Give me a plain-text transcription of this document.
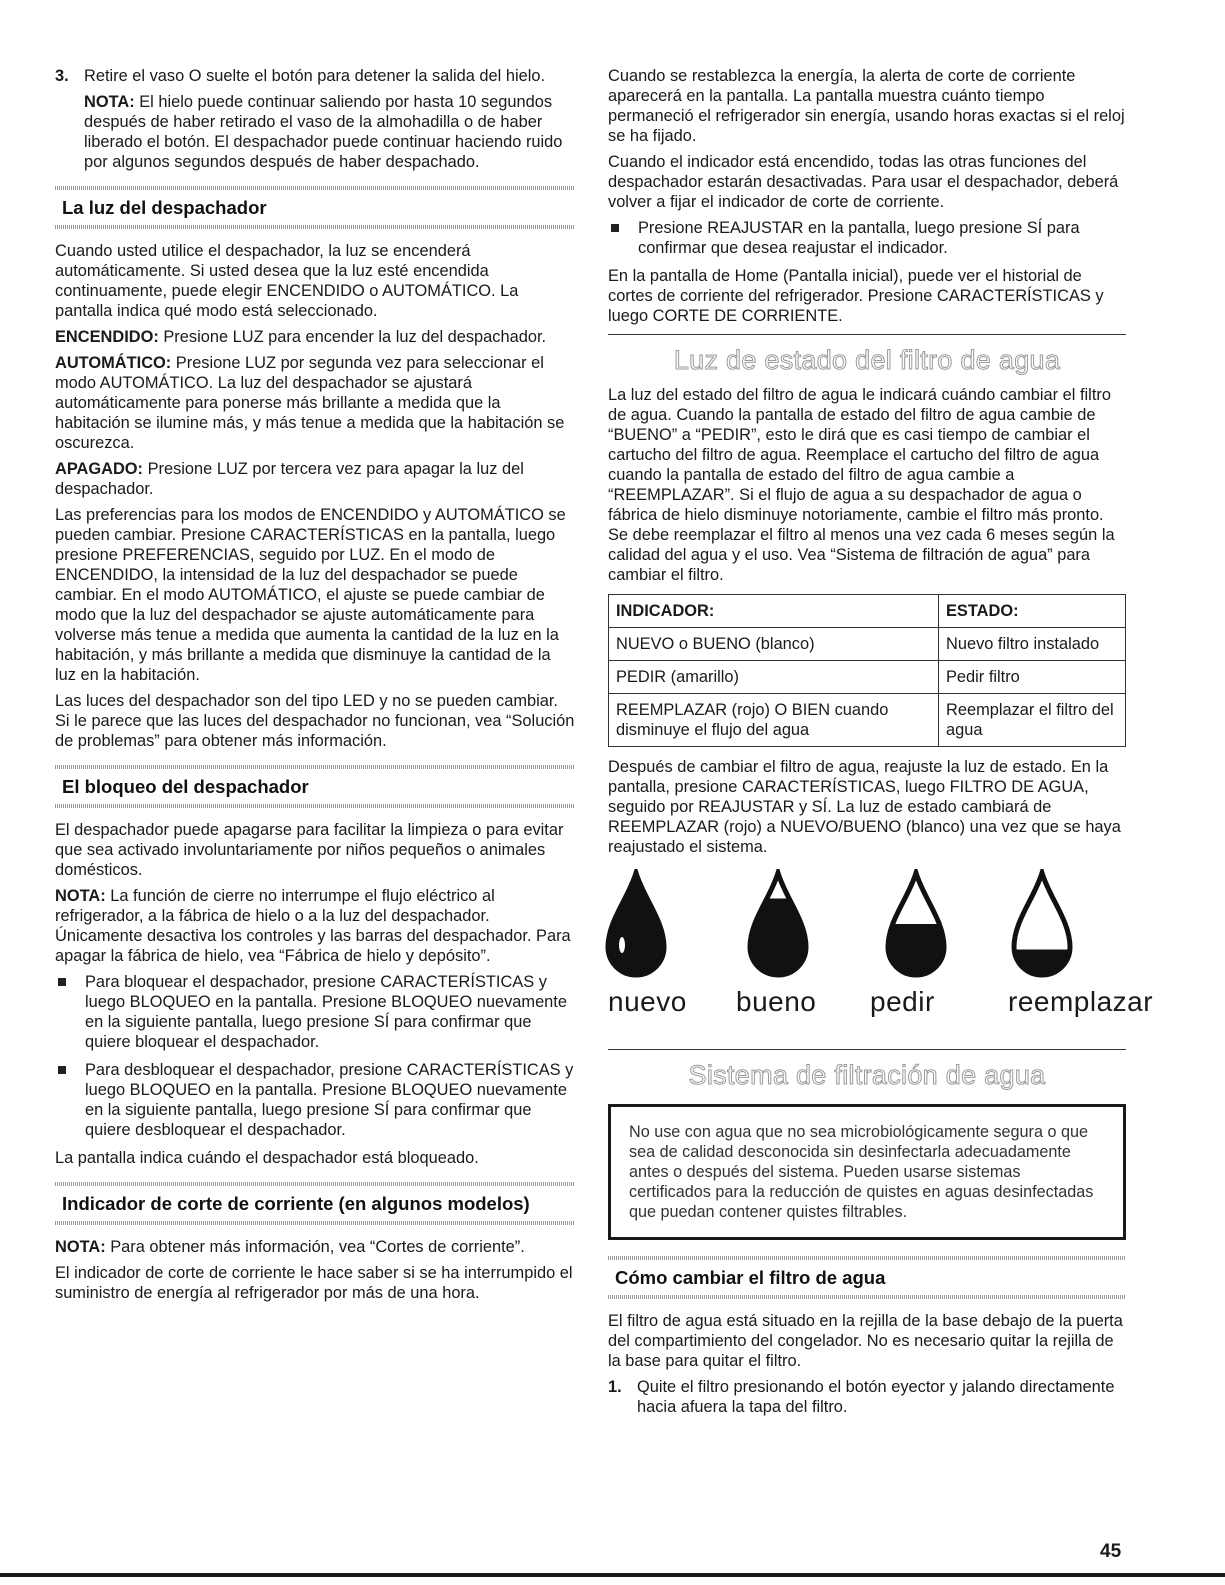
3. Retire el vaso O suelte el botón para detener la salida del hielo.
NOTA: El hielo puede continuar saliendo por hasta 10 segundos después de haber retirado el vaso de la almohadilla o de haber liberado el botón. El despachador puede continuar haciendo ruido por algunos segundos después de haber despachado.
La luz del despachador

Cuando usted utilice el despachador, la luz se encenderá automáticamente. Si usted desea que la luz esté encendida continuamente, puede elegir ENCENDIDO o AUTOMÁTICO. La pantalla indica qué modo está seleccionado.

ENCENDIDO: Presione LUZ para encender la luz del despachador.

AUTOMÁTICO: Presione LUZ por segunda vez para seleccionar el modo AUTOMÁTICO. La luz del despachador se ajustará automáticamente para ponerse más brillante a medida que la habitación se ilumine más, y más tenue a medida que la habitación se oscurezca.

APAGADO: Presione LUZ por tercera vez para apagar la luz del despachador.

Las preferencias para los modos de ENCENDIDO y AUTOMÁTICO se pueden cambiar. Presione CARACTERÍSTICAS en la pantalla, luego presione PREFERENCIAS, seguido por LUZ. En el modo de ENCENDIDO, la intensidad de la luz del despachador se puede cambiar. En el modo AUTOMÁTICO, el ajuste se puede cambiar de modo que la luz del despachador se ajuste automáticamente para volverse más tenue a medida que aumenta la cantidad de la luz en la habitación, y más brillante a medida que disminuye la cantidad de la luz en la habitación.

Las luces del despachador son del tipo LED y no se pueden cambiar. Si le parece que las luces del despachador no funcionan, vea “Solución de problemas” para obtener más información.

El bloqueo del despachador

El despachador puede apagarse para facilitar la limpieza o para evitar que sea activado involuntariamente por niños pequeños o animales domésticos.

NOTA: La función de cierre no interrumpe el flujo eléctrico al refrigerador, a la fábrica de hielo o a la luz del despachador. Únicamente desactiva los controles y las barras del despachador. Para apagar la fábrica de hielo, vea “Fábrica de hielo y depósito”.

Para bloquear el despachador, presione CARACTERÍSTICAS y luego BLOQUEO en la pantalla. Presione BLOQUEO nuevamente en la siguiente pantalla, luego presione SÍ para confirmar que quiere bloquear el despachador.
Para desbloquear el despachador, presione CARACTERÍSTICAS y luego BLOQUEO en la pantalla. Presione BLOQUEO nuevamente en la siguiente pantalla, luego presione SÍ para confirmar que quiere desbloquear el despachador.

La pantalla indica cuándo el despachador está bloqueado.

Indicador de corte de corriente (en algunos modelos)

NOTA: Para obtener más información, vea “Cortes de corriente”.

El indicador de corte de corriente le hace saber si se ha interrumpido el suministro de energía al refrigerador por más de una hora.

Cuando se restablezca la energía, la alerta de corte de corriente aparecerá en la pantalla. La pantalla muestra cuánto tiempo permaneció el refrigerador sin energía, usando horas exactas si el reloj se ha fijado.

Cuando el indicador está encendido, todas las otras funciones del despachador estarán desactivadas. Para usar el despachador, deberá volver a fijar el indicador de corte de corriente.

Presione REAJUSTAR en la pantalla, luego presione SÍ para confirmar que desea reajustar el indicador.

En la pantalla de Home (Pantalla inicial), puede ver el historial de cortes de corriente del refrigerador. Presione CARACTERÍSTICAS y luego CORTE DE CORRIENTE.

Luz de estado del filtro de agua

La luz del estado del filtro de agua le indicará cuándo cambiar el filtro de agua. Cuando la pantalla de estado del filtro de agua cambie de “BUENO” a “PEDIR”, esto le dirá que es casi tiempo de cambiar el cartucho del filtro de agua. Reemplace el cartucho del filtro de agua cuando la pantalla de estado del filtro de agua cambie a “REEMPLAZAR”. Si el flujo de agua a su despachador de agua o fábrica de hielo disminuye notoriamente, cambie el filtro más pronto. Se debe reemplazar el filtro al menos una vez cada 6 meses según la calidad del agua y el uso. Vea “Sistema de filtración de agua” para cambiar el filtro.

INDICADOR:	ESTADO:
NUEVO o BUENO (blanco)	Nuevo filtro instalado
PEDIR (amarillo)	Pedir filtro
REEMPLAZAR (rojo) O BIEN cuando disminuye el flujo del agua	Reemplazar el filtro del agua

Después de cambiar el filtro de agua, reajuste la luz de estado. En la pantalla, presione CARACTERÍSTICAS, luego FILTRO DE AGUA, seguido por REAJUSTAR y SÍ. La luz de estado cambiará de REEMPLAZAR (rojo) a NUEVO/BUENO (blanco) una vez que se haya reajustado el sistema.

nuevo bueno pedir	reemplazar
Sistema de filtración de agua
No use con agua que no sea microbiológicamente segura o que sea de calidad desconocida sin desinfectarla adecuadamente antes o después del sistema. Pueden usarse sistemas certificados para la reducción de quistes en aguas desinfectadas que puedan contener quistes filtrables.
Cómo cambiar el filtro de agua

El filtro de agua está situado en la rejilla de la base debajo de la puerta del compartimiento del congelador. No es necesario quitar la rejilla de la base para quitar el filtro.

1. Quite el filtro presionando el botón eyector y jalando directamente hacia afuera la tapa del filtro.
45
